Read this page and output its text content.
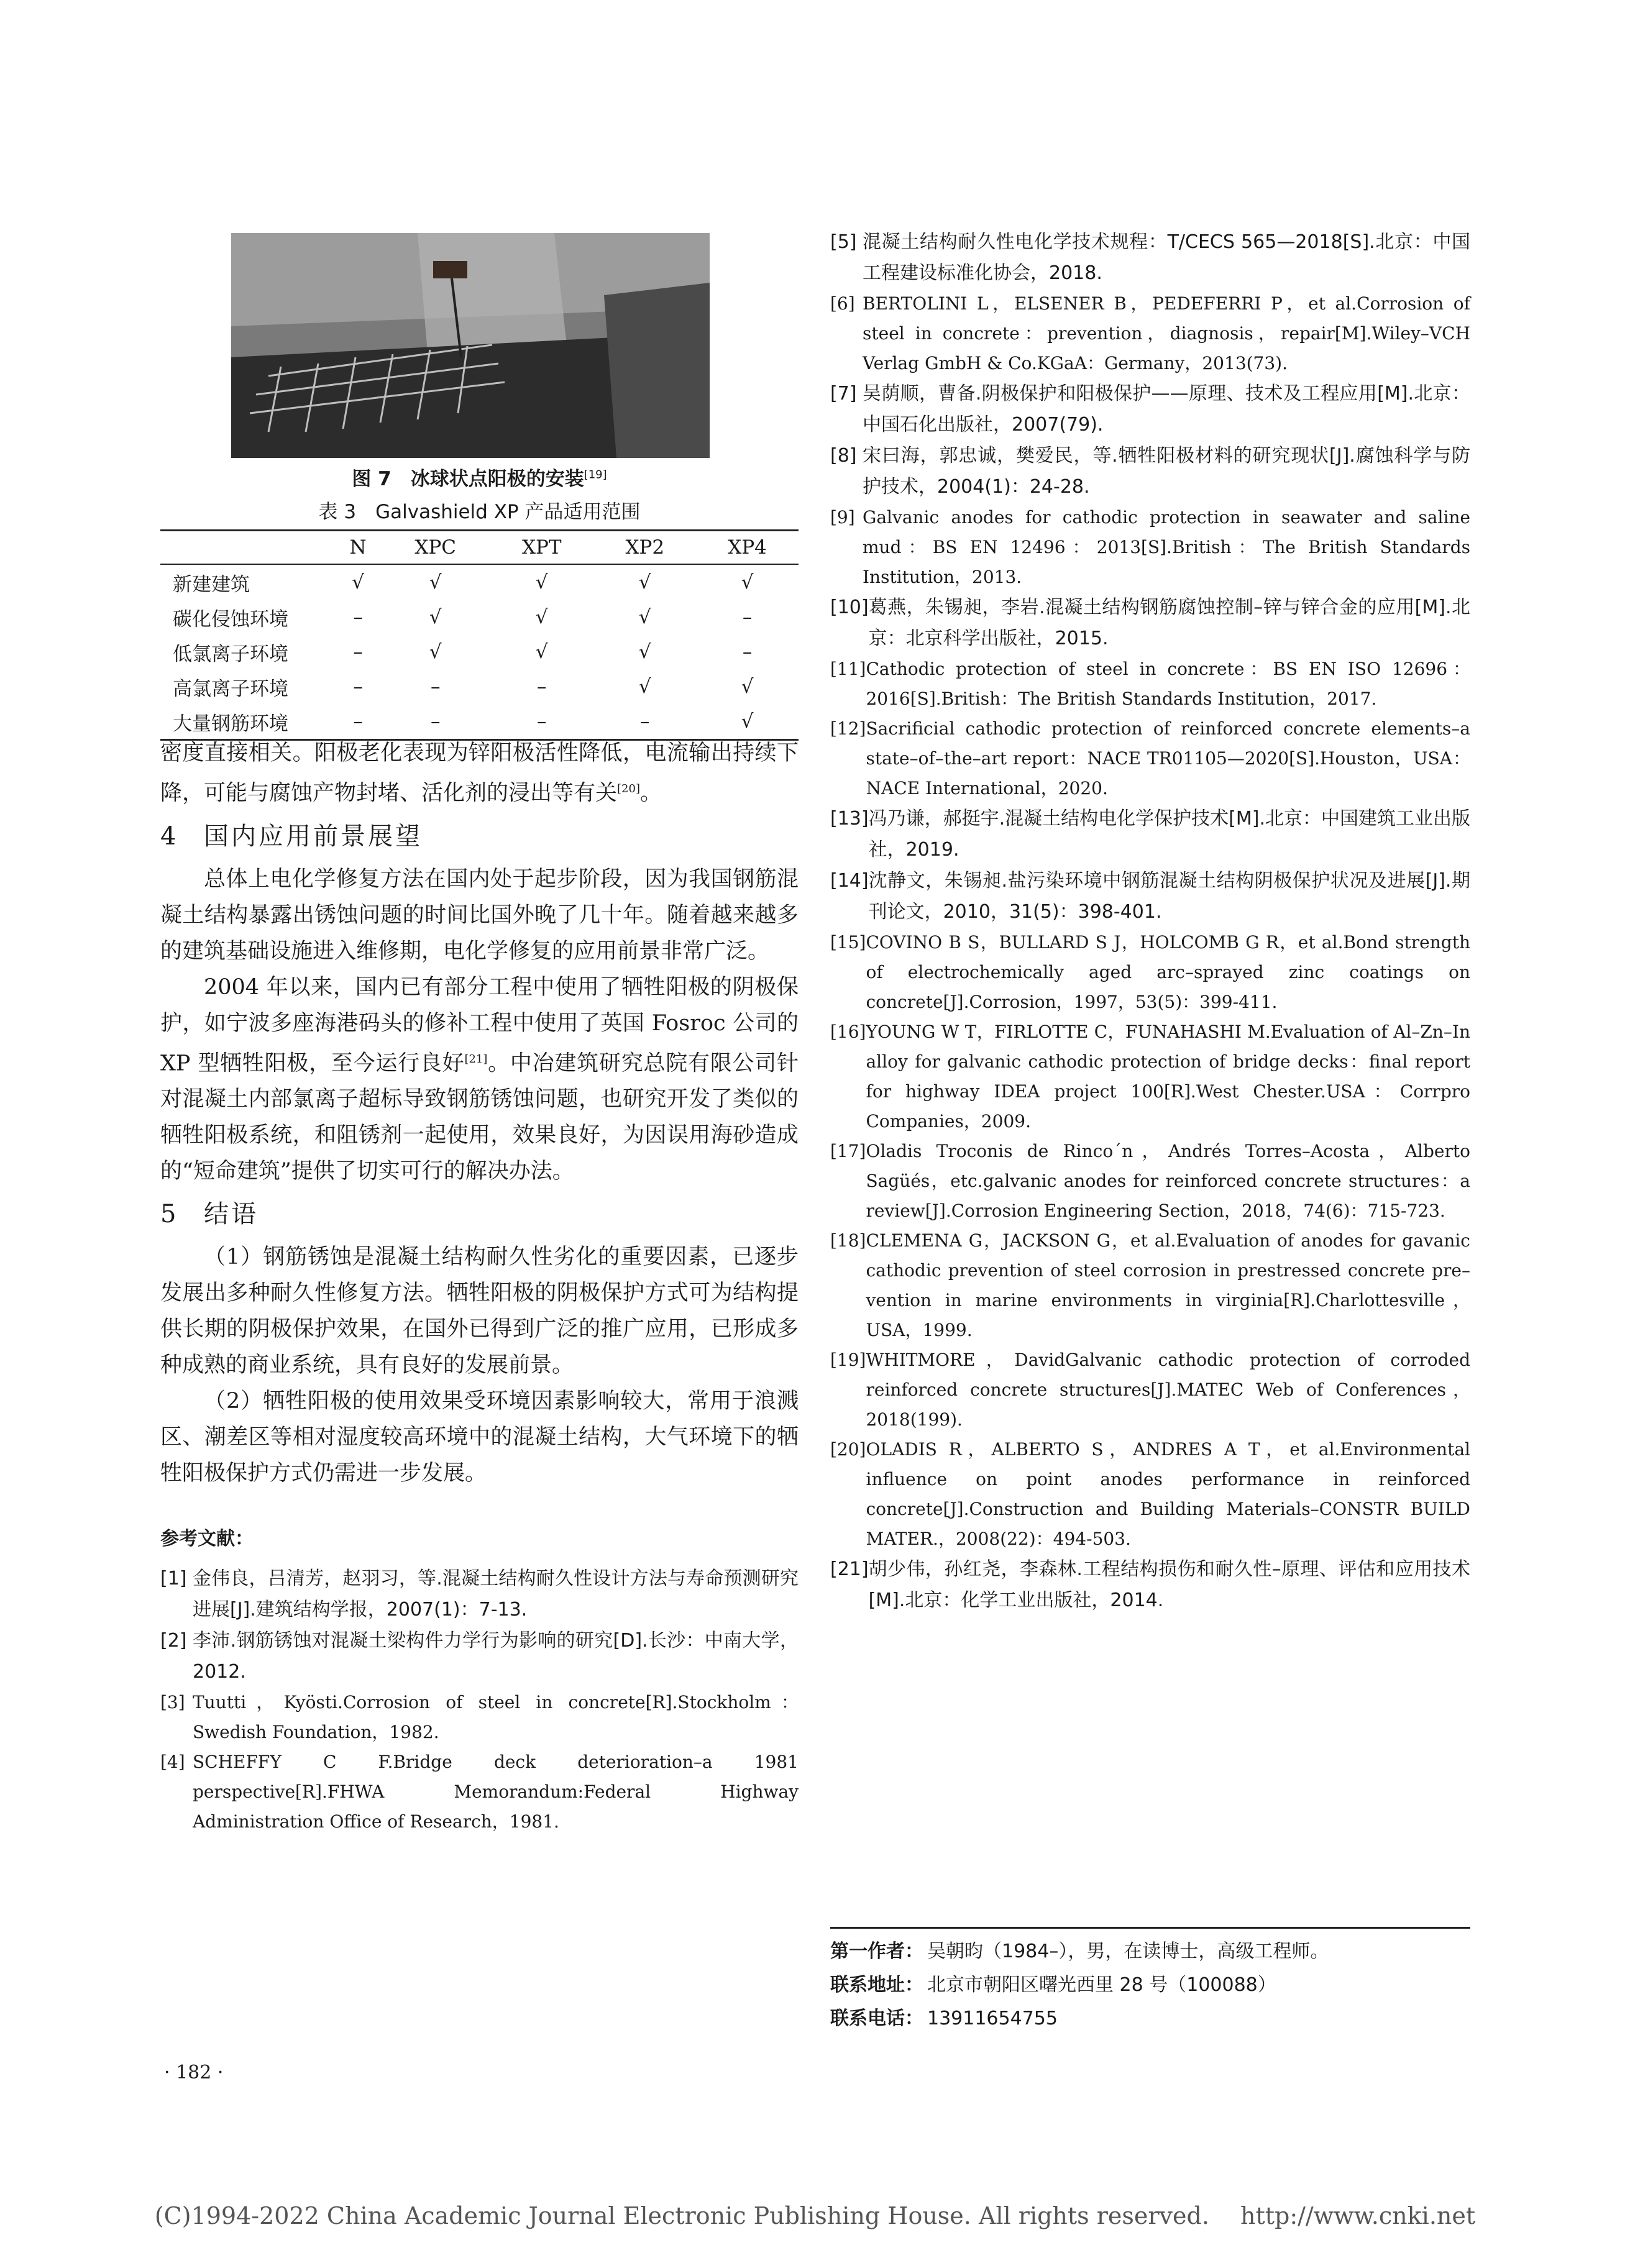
图 7　冰球状点阳极的安装[19]
表 3　Galvashield XP 产品适用范围
	N	XPC	XPT	XP2	XP4
新建建筑	√	√	√	√	√
碳化侵蚀环境	–	√	√	√	–
低氯离子环境	–	√	√	√	–
高氯离子环境	–	–	–	√	√
大量钢筋环境	–	–	–	–	√

密度直接相关。阳极老化表现为锌阳极活性降低，电流输出持续下降，可能与腐蚀产物封堵、活化剂的浸出等有关[20]。

4 国内应用前景展望

总体上电化学修复方法在国内处于起步阶段，因为我国钢筋混凝土结构暴露出锈蚀问题的时间比国外晚了几十年。随着越来越多的建筑基础设施进入维修期，电化学修复的应用前景非常广泛。

2004 年以来，国内已有部分工程中使用了牺牲阳极的阴极保护，如宁波多座海港码头的修补工程中使用了英国 Fosroc 公司的 XP 型牺牲阳极，至今运行良好[21]。中冶建筑研究总院有限公司针对混凝土内部氯离子超标导致钢筋锈蚀问题，也研究开发了类似的牺牲阳极系统，和阻锈剂一起使用，效果良好，为因误用海砂造成的“短命建筑”提供了切实可行的解决办法。

5 结语

（1）钢筋锈蚀是混凝土结构耐久性劣化的重要因素，已逐步发展出多种耐久性修复方法。牺牲阳极的阴极保护方式可为结构提供长期的阴极保护效果，在国外已得到广泛的推广应用，已形成多种成熟的商业系统，具有良好的发展前景。

（2）牺牲阳极的使用效果受环境因素影响较大，常用于浪溅区、潮差区等相对湿度较高环境中的混凝土结构，大气环境下的牺牲阳极保护方式仍需进一步发展。

参考文献：
[1] 金伟良，吕清芳，赵羽习，等.混凝土结构耐久性设计方法与寿命预测研究进展[J].建筑结构学报，2007(1)：7-13.
[2] 李沛.钢筋锈蚀对混凝土梁构件力学行为影响的研究[D].长沙：中南大学，2012.
[3] Tuutti，Kyösti.Corrosion of steel in concrete[R].Stockholm：Swedish Foundation，1982.
[4] SCHEFFY C F.Bridge deck deterioration–a 1981 perspective[R].FHWA Memorandum:Federal Highway Administration Office of Research，1981.
· 182 ·
[5] 混凝土结构耐久性电化学技术规程：T/CECS 565—2018[S].北京：中国工程建设标准化协会，2018.
[6] BERTOLINI L，ELSENER B，PEDEFERRI P，et al.Corrosion of steel in concrete：prevention，diagnosis，repair[M].Wiley–VCH Verlag GmbH & Co.KGaA：Germany，2013(73).
[7] 吴荫顺，曹备.阴极保护和阳极保护——原理、技术及工程应用[M].北京：中国石化出版社，2007(79).
[8] 宋曰海，郭忠诚，樊爱民，等.牺牲阳极材料的研究现状[J].腐蚀科学与防护技术，2004(1)：24-28.
[9] Galvanic anodes for cathodic protection in seawater and saline mud：BS EN 12496：2013[S].British：The British Standards Institution，2013.
[10] 葛燕，朱锡昶，李岩.混凝土结构钢筋腐蚀控制–锌与锌合金的应用[M].北京：北京科学出版社，2015.
[11] Cathodic protection of steel in concrete：BS EN ISO 12696：2016[S].British：The British Standards Institution，2017.
[12] Sacrificial cathodic protection of reinforced concrete elements–a state–of–the–art report：NACE TR01105—2020[S].Houston，USA：NACE International，2020.
[13] 冯乃谦，郝挺宇.混凝土结构电化学保护技术[M].北京：中国建筑工业出版社，2019.
[14] 沈静文，朱锡昶.盐污染环境中钢筋混凝土结构阴极保护状况及进展[J].期刊论文，2010，31(5)：398-401.
[15] COVINO B S，BULLARD S J，HOLCOMB G R，et al.Bond strength of electrochemically aged arc–sprayed zinc coatings on concrete[J].Corrosion，1997，53(5)：399-411.
[16] YOUNG W T，FIRLOTTE C，FUNAHASHI M.Evaluation of Al–Zn–In alloy for galvanic cathodic protection of bridge decks：final report for highway IDEA project 100[R].West Chester.USA：Corrpro Companies，2009.
[17] Oladis Troconis de Rinco´n，Andrés Torres–Acosta，Alberto Sagüés，etc.galvanic anodes for reinforced concrete structures：a review[J].Corrosion Engineering Section，2018，74(6)：715-723.
[18] CLEMENA G，JACKSON G，et al.Evaluation of anodes for gavanic cathodic prevention of steel corrosion in prestressed concrete pre–vention in marine environments in virginia[R].Charlottesville，USA，1999.
[19] WHITMORE，DavidGalvanic cathodic protection of corroded reinforced concrete structures[J].MATEC Web of Conferences，2018(199).
[20] OLADIS R，ALBERTO S，ANDRES A T，et al.Environmental influence on point anodes performance in reinforced concrete[J].Construction and Building Materials–CONSTR BUILD MATER.，2008(22)：494-503.
[21] 胡少伟，孙红尧，李森林.工程结构损伤和耐久性–原理、评估和应用技术[M].北京：化学工业出版社，2014.
第一作者： 吴朝昀（1984–），男，在读博士，高级工程师。
联系地址： 北京市朝阳区曙光西里 28 号（100088）
联系电话： 13911654755
(C)1994-2022 China Academic Journal Electronic Publishing House. All rights reserved.　 http://www.cnki.net
